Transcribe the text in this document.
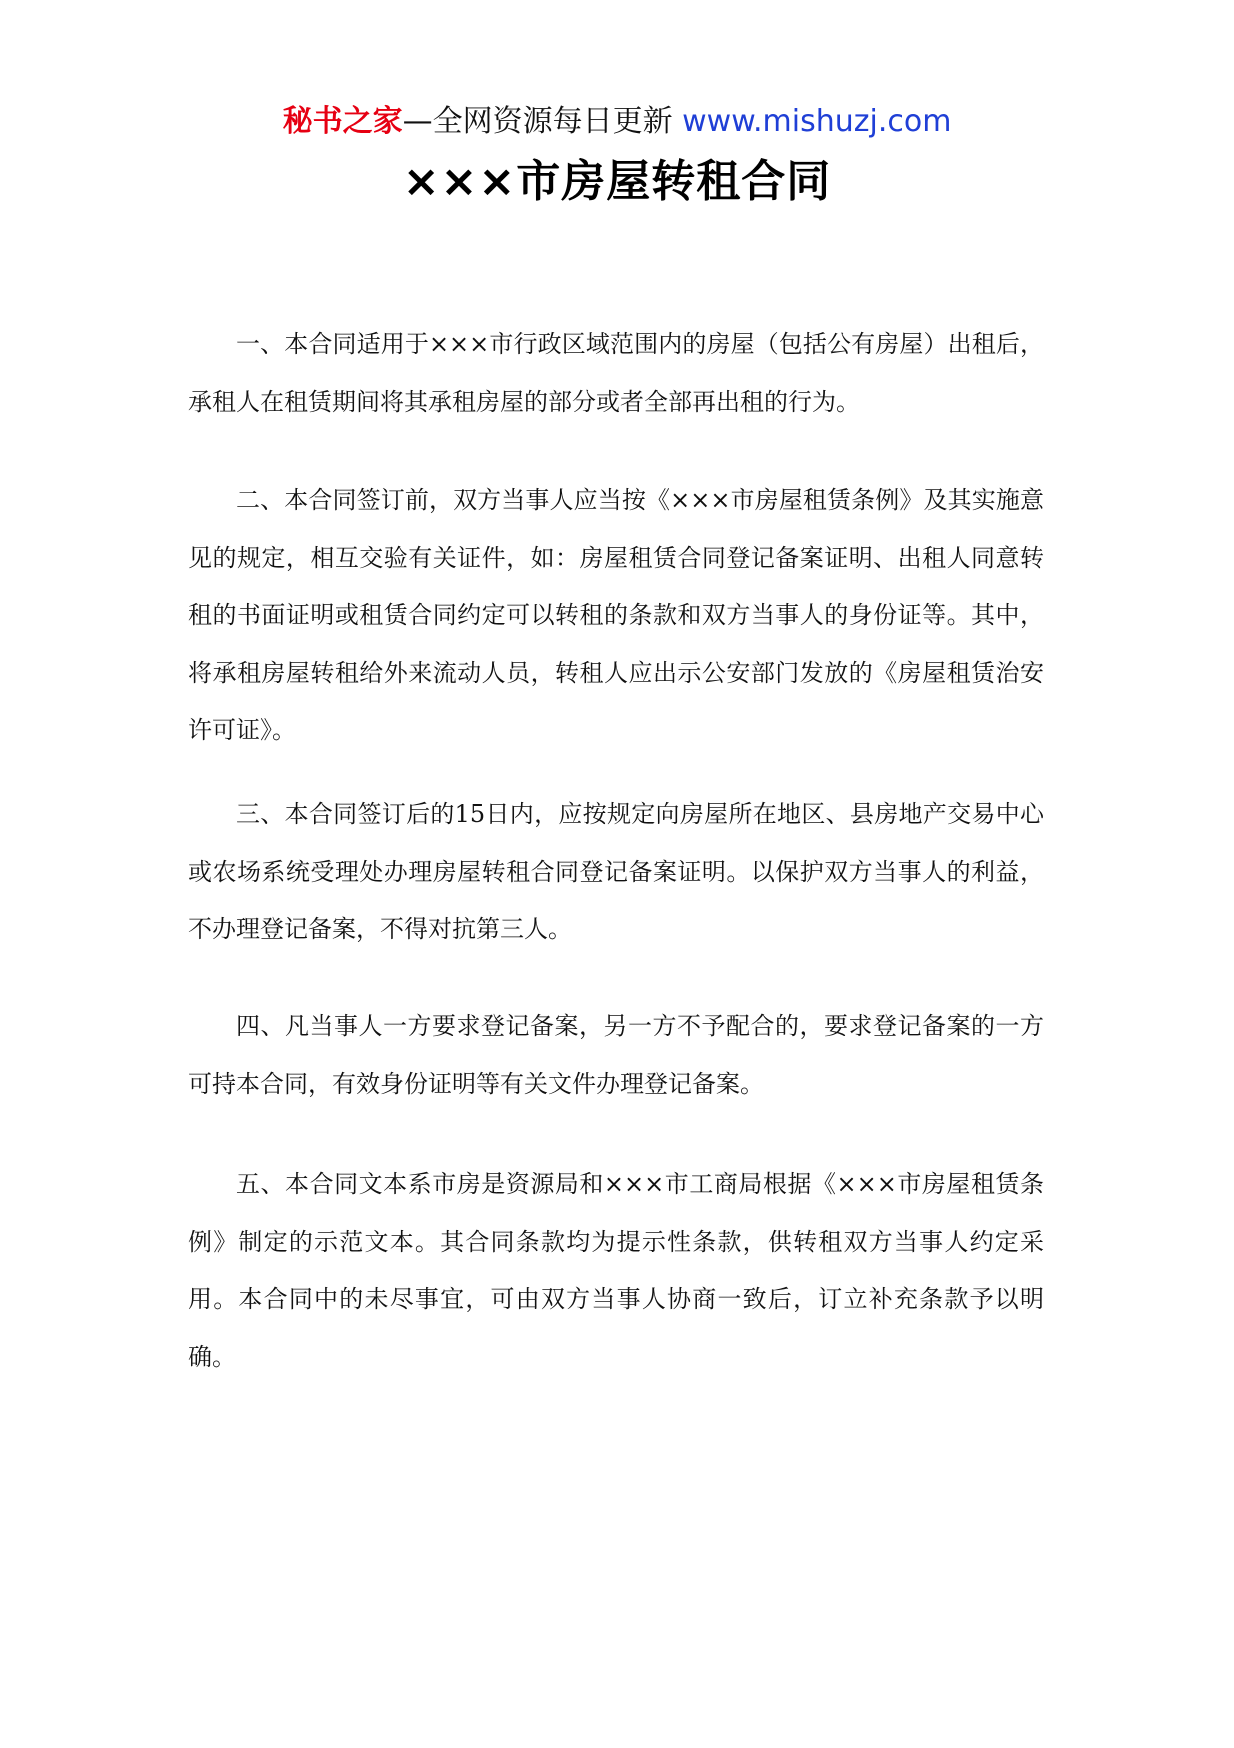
秘书之家—全网资源每日更新 www.mishuzj.com
×××市房屋转租合同

一、本合同适用于×××市行政区域范围内的房屋（包括公有房屋）出租后，承租人在租赁期间将其承租房屋的部分或者全部再出租的行为。

二、本合同签订前，双方当事人应当按《×××市房屋租赁条例》及其实施意见的规定，相互交验有关证件，如：房屋租赁合同登记备案证明、出租人同意转租的书面证明或租赁合同约定可以转租的条款和双方当事人的身份证等。其中，将承租房屋转租给外来流动人员，转租人应出示公安部门发放的《房屋租赁治安许可证》。

三、本合同签订后的15日内，应按规定向房屋所在地区、县房地产交易中心或农场系统受理处办理房屋转租合同登记备案证明。以保护双方当事人的利益，不办理登记备案，不得对抗第三人。

四、凡当事人一方要求登记备案，另一方不予配合的，要求登记备案的一方可持本合同，有效身份证明等有关文件办理登记备案。

五、本合同文本系市房是资源局和×××市工商局根据《×××市房屋租赁条例》制定的示范文本。其合同条款均为提示性条款，供转租双方当事人约定采用。本合同中的未尽事宜，可由双方当事人协商一致后，订立补充条款予以明确。
